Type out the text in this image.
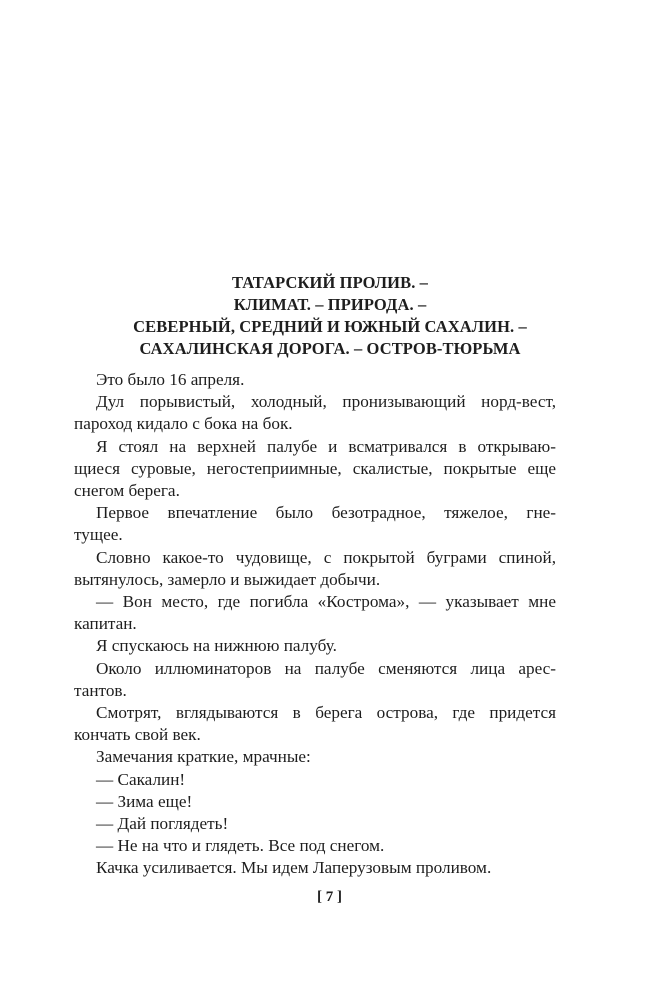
ТАТАРСКИЙ ПРОЛИВ. –
КЛИМАТ. – ПРИРОДА. –
СЕВЕРНЫЙ, СРЕДНИЙ И ЮЖНЫЙ САХАЛИН. –
САХАЛИНСКАЯ ДОРОГА. – ОСТРОВ-ТЮРЬМА
Это было 16 апреля.
Дул порывистый, холодный, пронизывающий норд-вест,
пароход кидало с бока на бок.
Я стоял на верхней палубе и всматривался в открываю-
щиеся суровые, негостеприимные, скалистые, покрытые еще
снегом берега.
Первое впечатление было безотрадное, тяжелое, гне-
тущее.
Словно какое-то чудовище, с покрытой буграми спиной,
вытянулось, замерло и выжидает добычи.
— Вон место, где погибла «Кострома», — указывает мне
капитан.
Я спускаюсь на нижнюю палубу.
Около иллюминаторов на палубе сменяются лица арес-
тантов.
Смотрят, вглядываются в берега острова, где придется
кончать свой век.
Замечания краткие, мрачные:
— Сакалин!
— Зима еще!
— Дай поглядеть!
— Не на что и глядеть. Все под снегом.
Качка усиливается. Мы идем Лаперузовым проливом.
[ 7 ]
